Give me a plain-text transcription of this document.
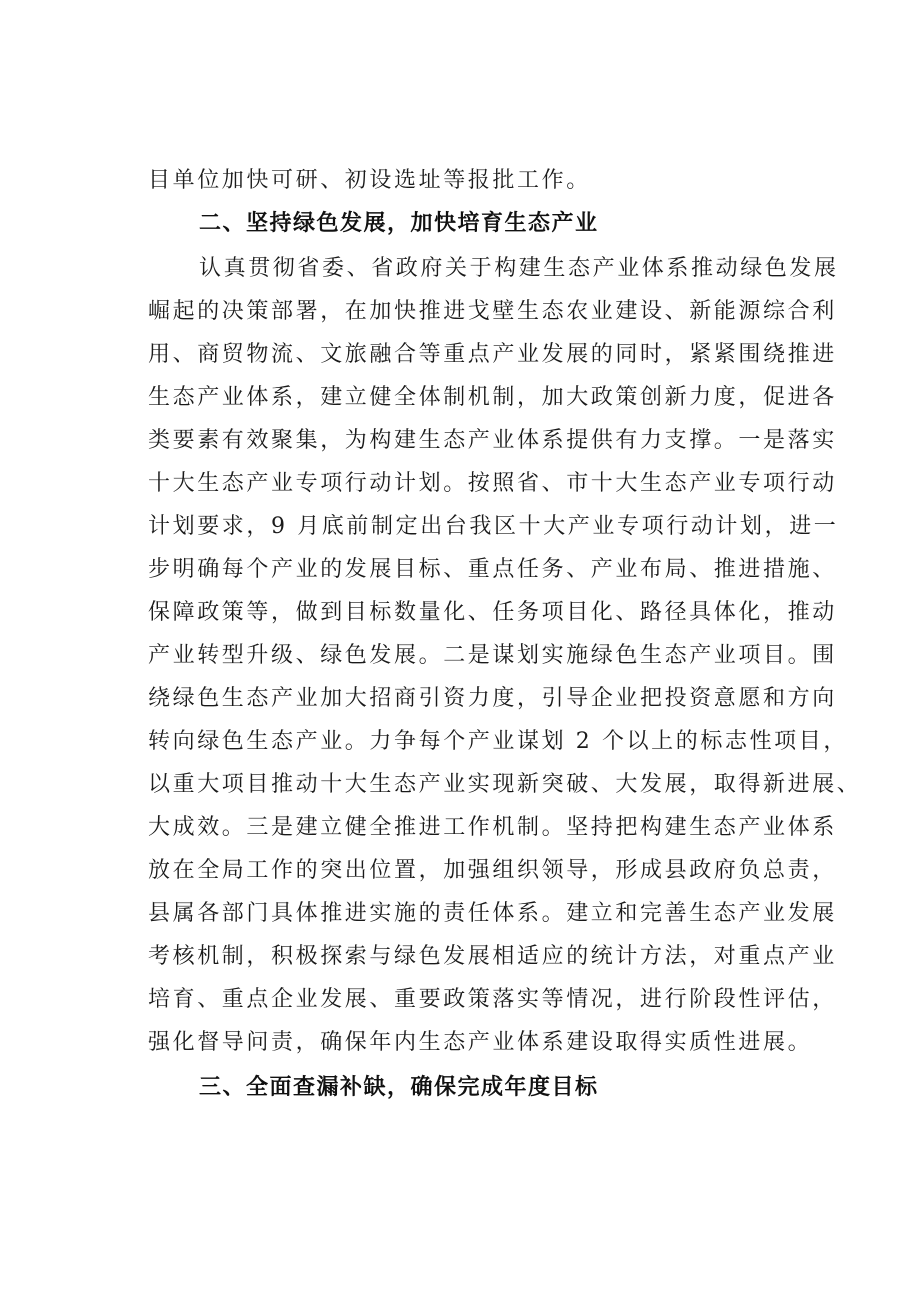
目单位加快可研、初设选址等报批工作。
二、坚持绿色发展，加快培育生态产业
认真贯彻省委、省政府关于构建生态产业体系推动绿色发展
崛起的决策部署，在加快推进戈壁生态农业建设、新能源综合利
用、商贸物流、文旅融合等重点产业发展的同时，紧紧围绕推进
生态产业体系，建立健全体制机制，加大政策创新力度，促进各
类要素有效聚集，为构建生态产业体系提供有力支撑。一是落实
十大生态产业专项行动计划。按照省、市十大生态产业专项行动
计划要求，9 月底前制定出台我区十大产业专项行动计划，进一
步明确每个产业的发展目标、重点任务、产业布局、推进措施、
保障政策等，做到目标数量化、任务项目化、路径具体化，推动
产业转型升级、绿色发展。二是谋划实施绿色生态产业项目。围
绕绿色生态产业加大招商引资力度，引导企业把投资意愿和方向
转向绿色生态产业。力争每个产业谋划 2 个以上的标志性项目，
以重大项目推动十大生态产业实现新突破、大发展，取得新进展、
大成效。三是建立健全推进工作机制。坚持把构建生态产业体系
放在全局工作的突出位置，加强组织领导，形成县政府负总责，
县属各部门具体推进实施的责任体系。建立和完善生态产业发展
考核机制，积极探索与绿色发展相适应的统计方法，对重点产业
培育、重点企业发展、重要政策落实等情况，进行阶段性评估，
强化督导问责，确保年内生态产业体系建设取得实质性进展。
三、全面查漏补缺，确保完成年度目标
